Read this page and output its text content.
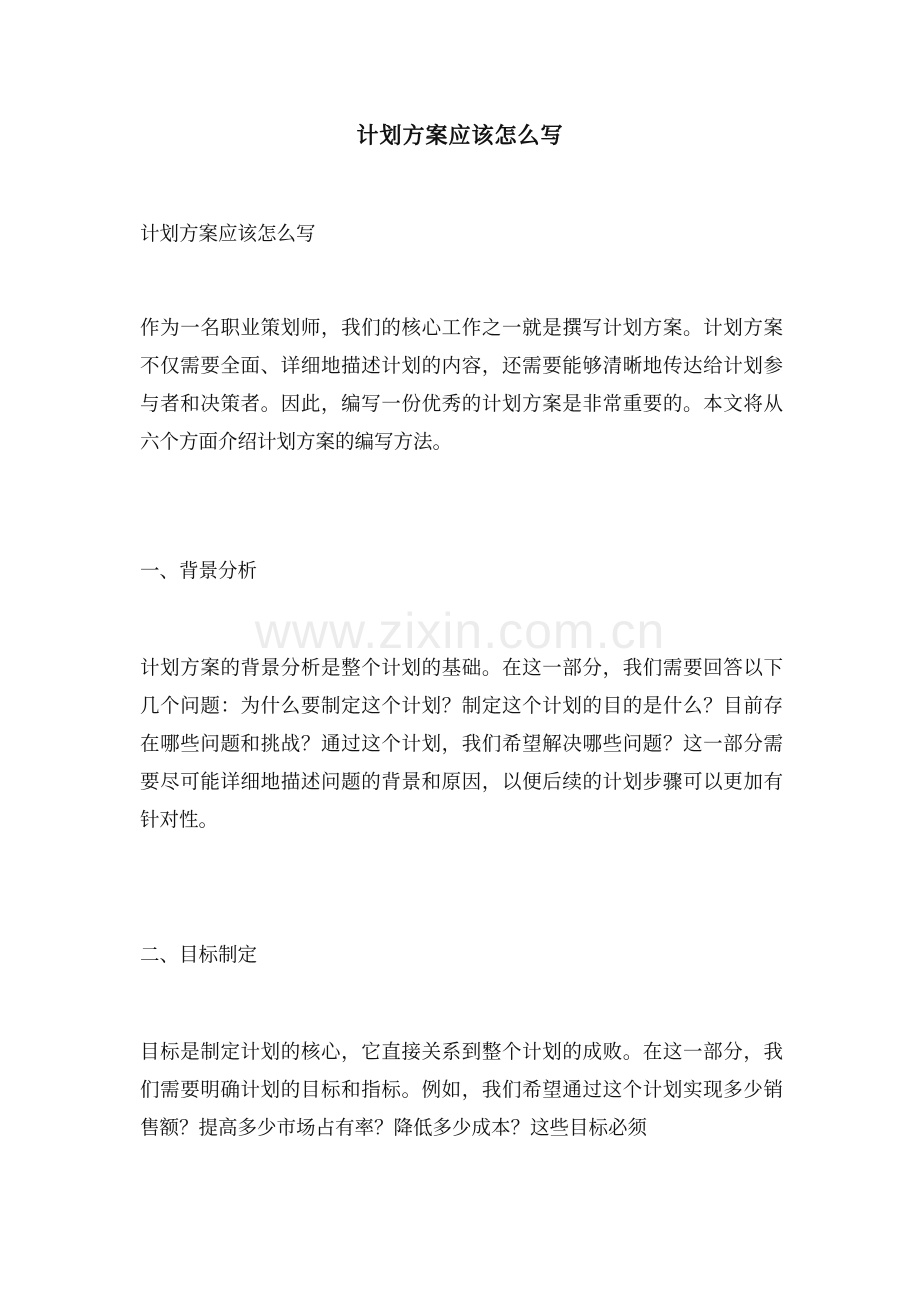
计划方案应该怎么写
计划方案应该怎么写
作为一名职业策划师，我们的核心工作之一就是撰写计划方案。计划方案不仅需要全面、详细地描述计划的内容，还需要能够清晰地传达给计划参与者和决策者。因此，编写一份优秀的计划方案是非常重要的。本文将从六个方面介绍计划方案的编写方法。
一、背景分析
www.zixin.com.cn
计划方案的背景分析是整个计划的基础。在这一部分，我们需要回答以下几个问题：为什么要制定这个计划？制定这个计划的目的是什么？目前存在哪些问题和挑战？通过这个计划，我们希望解决哪些问题？这一部分需要尽可能详细地描述问题的背景和原因，以便后续的计划步骤可以更加有针对性。
二、目标制定
目标是制定计划的核心，它直接关系到整个计划的成败。在这一部分，我们需要明确计划的目标和指标。例如，我们希望通过这个计划实现多少销售额？提高多少市场占有率？降低多少成本？这些目标必须
